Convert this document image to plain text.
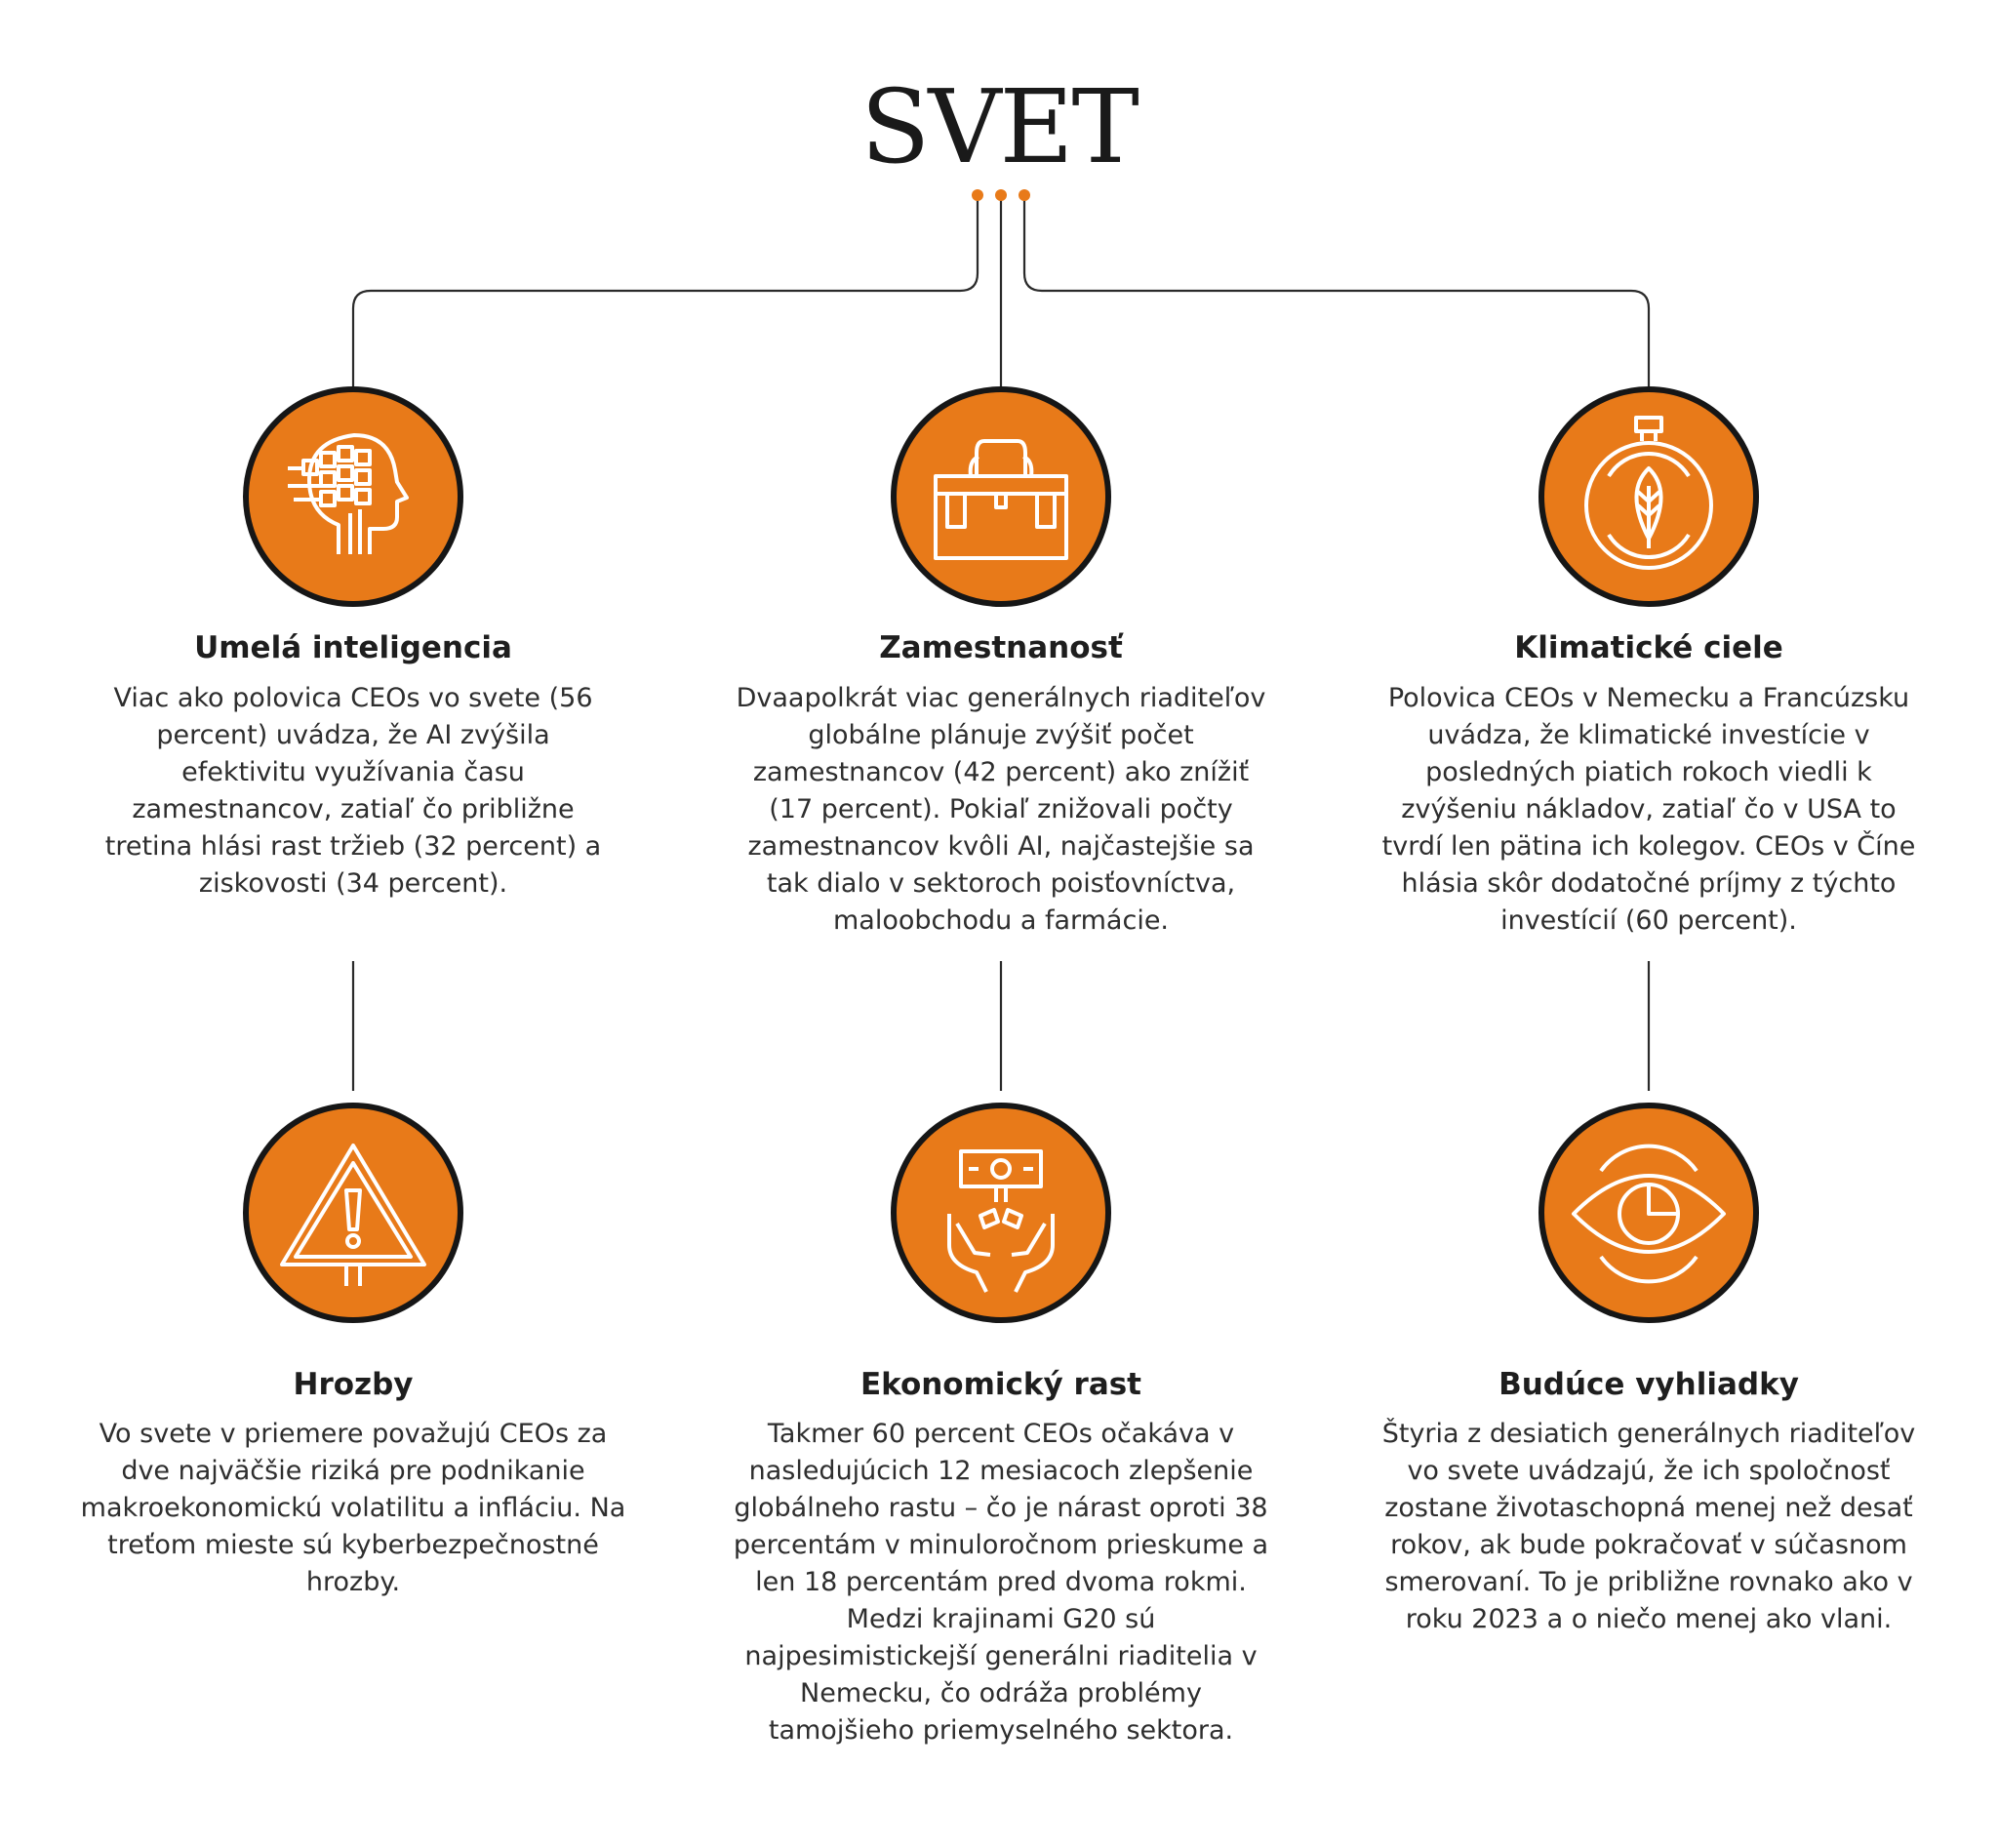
SVET
Umelá inteligencia
Viac ako polovica CEOs vo svete (56 percent) uvádza, že AI zvýšila efektivitu využívania času zamestnancov, zatiaľ čo približne tretina hlási rast tržieb (32 percent) a ziskovosti (34 percent).
Zamestnanosť
Dvaapolkrát viac generálnych riaditeľov globálne plánuje zvýšiť počet zamestnancov (42 percent) ako znížiť (17 percent). Pokiaľ znižovali počty zamestnancov kvôli AI, najčastejšie sa tak dialo v sektoroch poisťovníctva, maloobchodu a farmácie.
Klimatické ciele
Polovica CEOs v Nemecku a Francúzsku uvádza, že klimatické investície v posledných piatich rokoch viedli k zvýšeniu nákladov, zatiaľ čo v USA to tvrdí len pätina ich kolegov. CEOs v Číne hlásia skôr dodatočné príjmy z týchto investícií (60 percent).
Hrozby
Vo svete v priemere považujú CEOs za dve najväčšie riziká pre podnikanie makroekonomickú volatilitu a infláciu. Na treťom mieste sú kyberbezpečnostné hrozby.
Ekonomický rast
Takmer 60 percent CEOs očakáva v nasledujúcich 12 mesiacoch zlepšenie globálneho rastu – čo je nárast oproti 38 percentám v minuloročnom prieskume a len 18 percentám pred dvoma rokmi. Medzi krajinami G20 sú najpesimistickejší generálni riaditelia v Nemecku, čo odráža problémy tamojšieho priemyselného sektora.
Budúce vyhliadky
Štyria z desiatich generálnych riaditeľov vo svete uvádzajú, že ich spoločnosť zostane životaschopná menej než desať rokov, ak bude pokračovať v súčasnom smerovaní. To je približne rovnako ako v roku 2023 a o niečo menej ako vlani.
